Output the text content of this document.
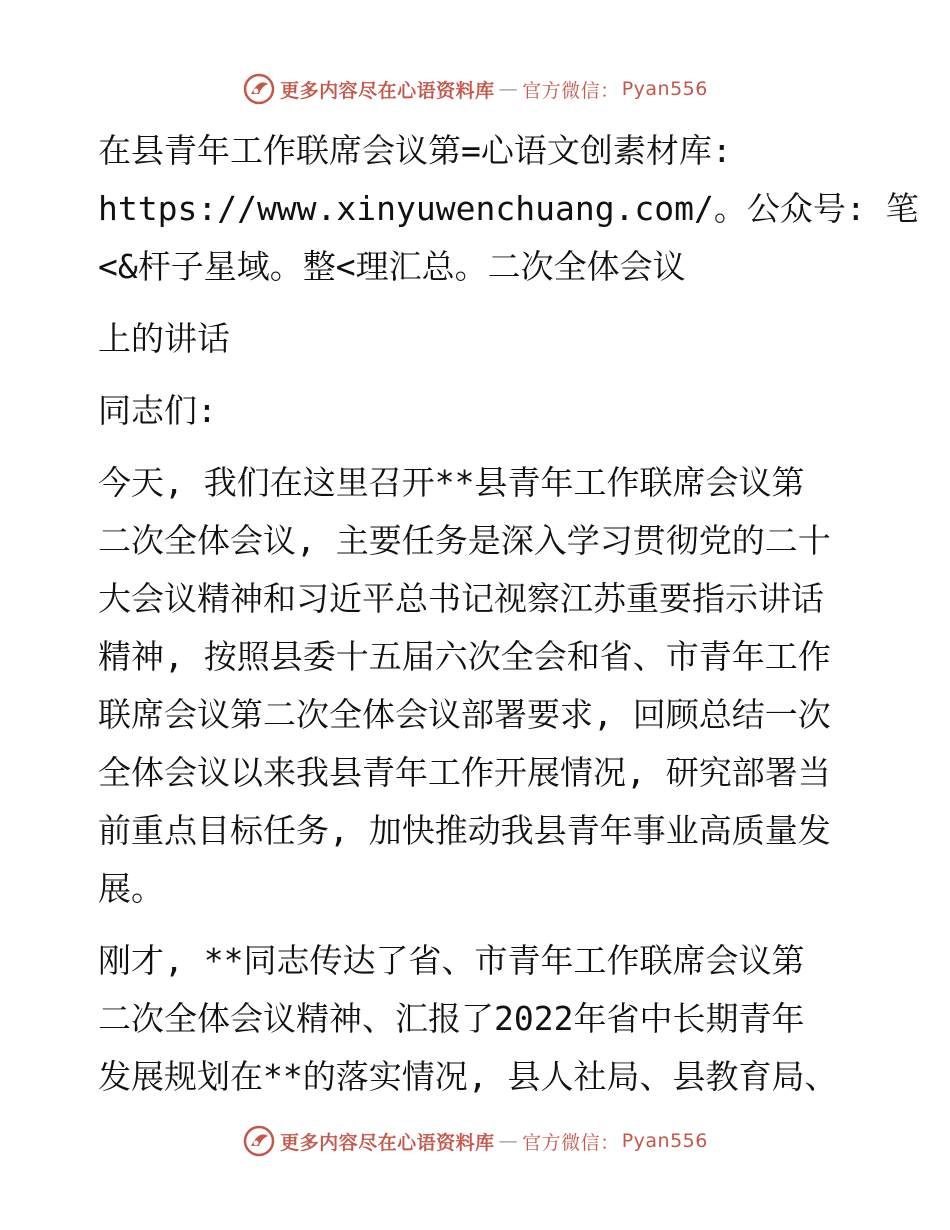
更多内容尽在心语资料库 — 官方微信： Pyan556
在县青年工作联席会议第=心语文创素材库:
https://www.xinyuwenchuang.com/。公众号: 笔
<&杆子星域。整<理汇总。二次全体会议
上的讲话
同志们:
今天, 我们在这里召开**县青年工作联席会议第
二次全体会议, 主要任务是深入学习贯彻党的二十
大会议精神和习近平总书记视察江苏重要指示讲话
精神, 按照县委十五届六次全会和省、市青年工作
联席会议第二次全体会议部署要求, 回顾总结一次
全体会议以来我县青年工作开展情况, 研究部署当
前重点目标任务, 加快推动我县青年事业高质量发
展。
刚才, **同志传达了省、市青年工作联席会议第
二次全体会议精神、汇报了2022年省中长期青年
发展规划在**的落实情况, 县人社局、县教育局、
更多内容尽在心语资料库 — 官方微信： Pyan556
